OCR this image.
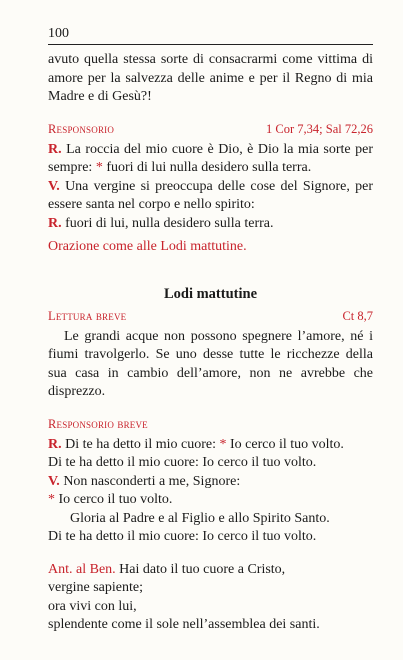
100

avuto quella stessa sorte di consacrarmi come vittima di amore per la salvezza delle anime e per il Regno di mia Madre e di Gesù?!

Responsorio	1 Cor 7,34; Sal 72,26

R. La roccia del mio cuore è Dio, è Dio la mia sorte per sempre: * fuori di lui nulla desidero sulla terra.

V. Una vergine si preoccupa delle cose del Signore, per essere santa nel corpo e nello spirito:

R. fuori di lui, nulla desidero sulla terra.

Orazione come alle Lodi mattutine.

Lodi mattutine
Lettura breve	Ct 8,7

Le grandi acque non possono spegnere l’amore, né i fiumi travolgerlo. Se uno desse tutte le ricchezze della sua casa in cambio dell’amore, non ne avrebbe che disprezzo.

Responsorio breve

R. Di te ha detto il mio cuore: * Io cerco il tuo volto.

Di te ha detto il mio cuore: Io cerco il tuo volto.

V. Non nasconderti a me, Signore:

* Io cerco il tuo volto.

Gloria al Padre e al Figlio e allo Spirito Santo.

Di te ha detto il mio cuore: Io cerco il tuo volto.

Ant. al Ben. Hai dato il tuo cuore a Cristo,

vergine sapiente;

ora vivi con lui,

splendente come il sole nell’assemblea dei santi.
